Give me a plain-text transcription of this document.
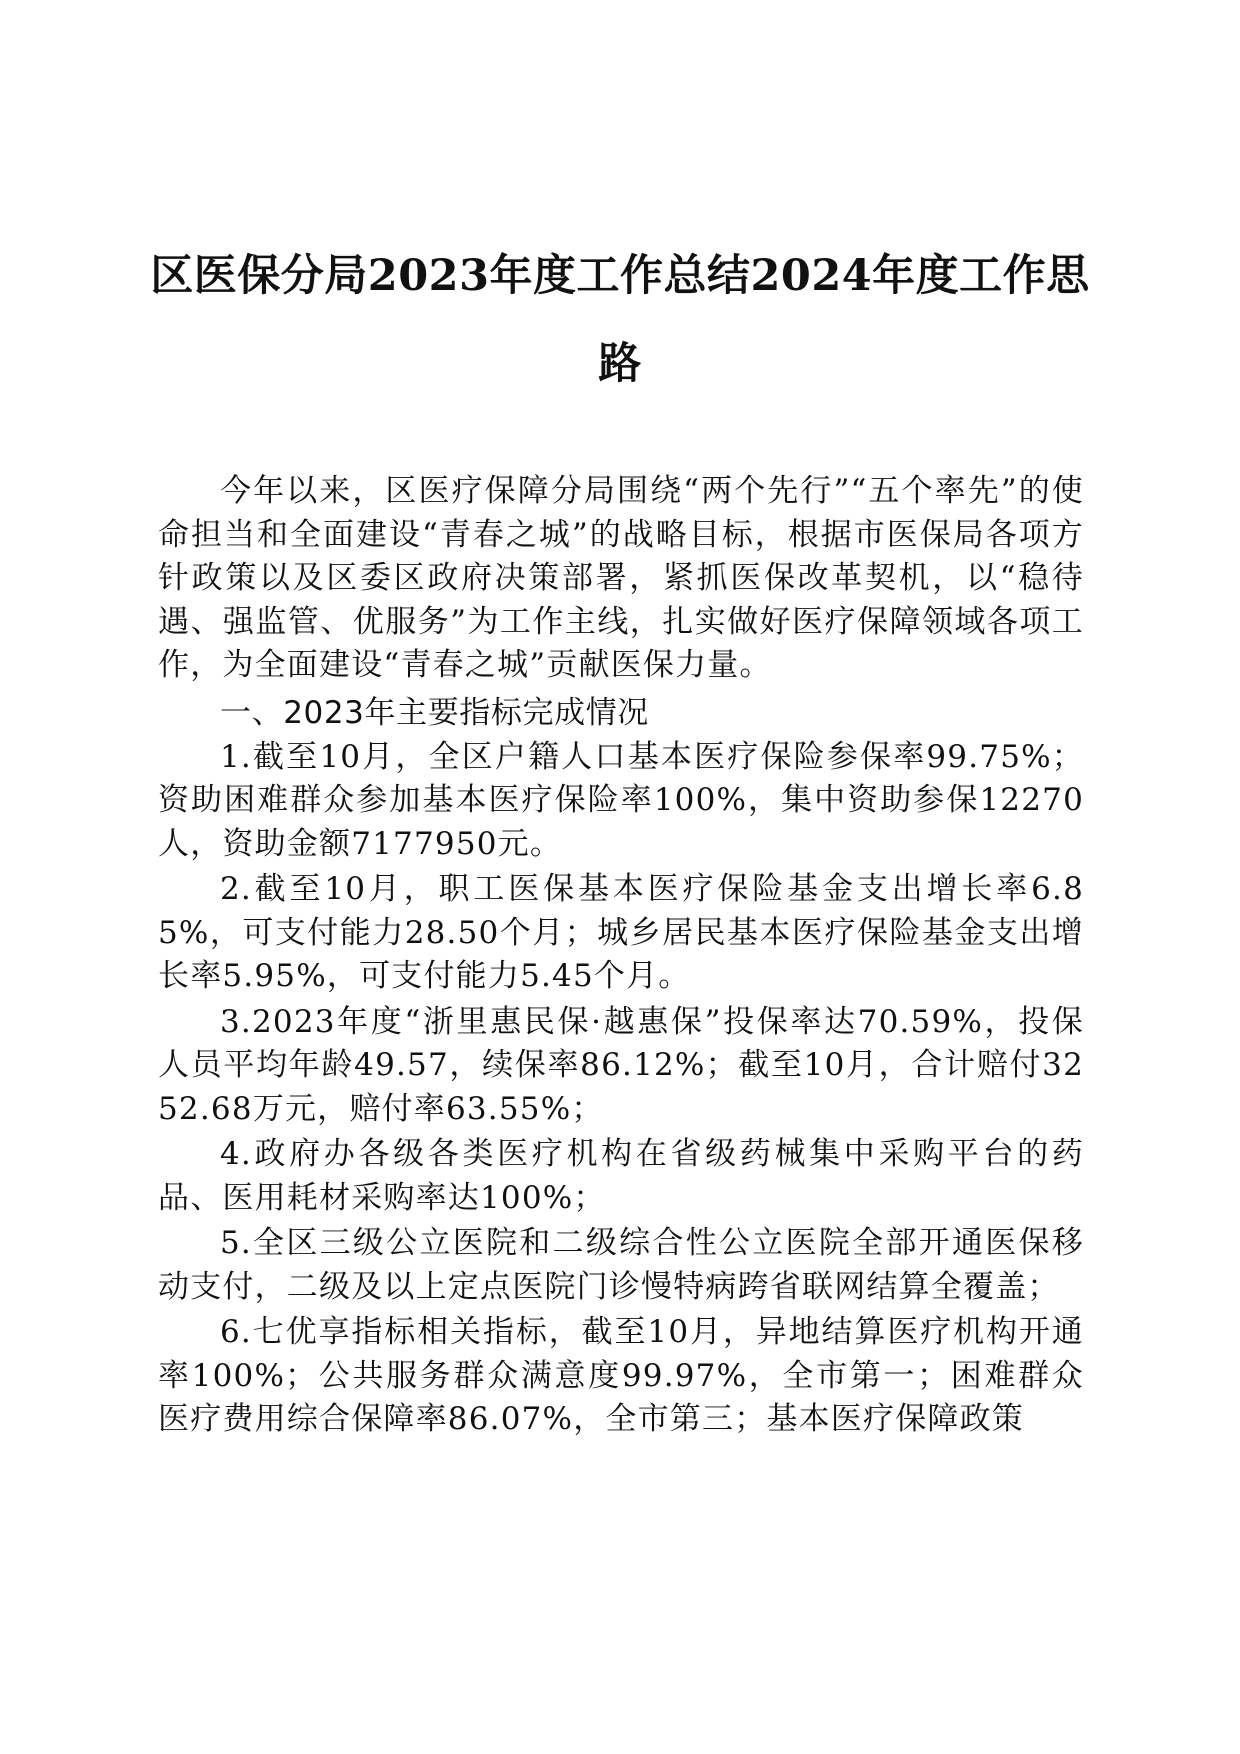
区医保分局2023年度工作总结2024年度工作思路

今年以来，区医疗保障分局围绕“两个先行”“五个率先”的使命担当和全面建设“青春之城”的战略目标，根据市医保局各项方针政策以及区委区政府决策部署，紧抓医保改革契机，以“稳待遇、强监管、优服务”为工作主线，扎实做好医疗保障领域各项工作，为全面建设“青春之城”贡献医保力量。

一、2023年主要指标完成情况

1.截至10月，全区户籍人口基本医疗保险参保率99.75%；资助困难群众参加基本医疗保险率100%，集中资助参保12270人，资助金额7177950元。

2.截至10月，职工医保基本医疗保险基金支出增长率6.85%，可支付能力28.50个月；城乡居民基本医疗保险基金支出增长率5.95%，可支付能力5.45个月。

3.2023年度“浙里惠民保·越惠保”投保率达70.59%，投保人员平均年龄49.57，续保率86.12%；截至10月，合计赔付3252.68万元，赔付率63.55%；

4.政府办各级各类医疗机构在省级药械集中采购平台的药品、医用耗材采购率达100%；

5.全区三级公立医院和二级综合性公立医院全部开通医保移动支付，二级及以上定点医院门诊慢特病跨省联网结算全覆盖；

6.七优享指标相关指标，截至10月，异地结算医疗机构开通率100%；公共服务群众满意度99.97%，全市第一；困难群众医疗费用综合保障率86.07%，全市第三；基本医疗保障政策
